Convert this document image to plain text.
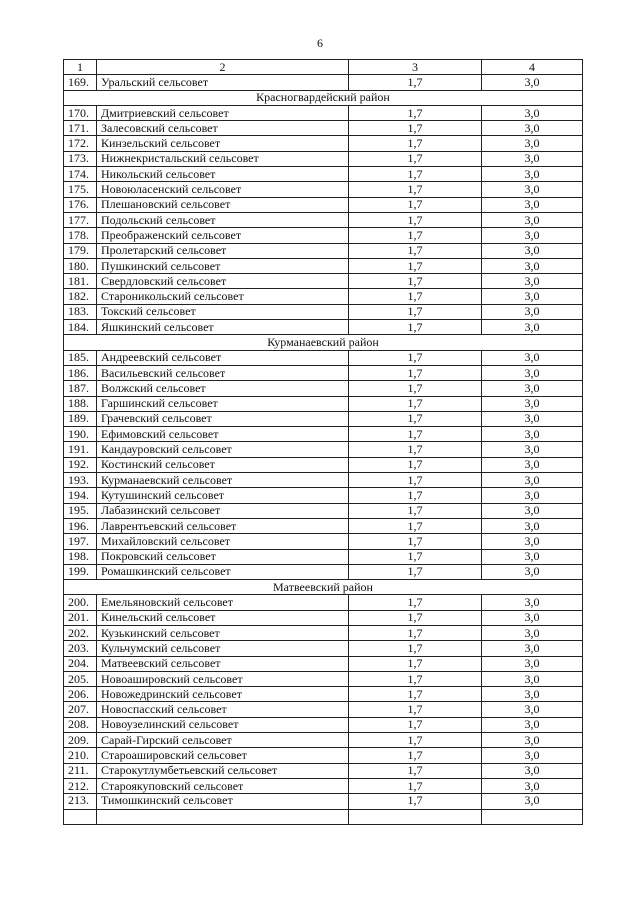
6
1	2	3	4
169.	Уральский сельсовет	1,7	3,0
Красногвардейский район			
170.	Дмитриевский сельсовет	1,7	3,0
171.	Залесовский сельсовет	1,7	3,0
172.	Кинзельский сельсовет	1,7	3,0
173.	Нижнекристальский сельсовет	1,7	3,0
174.	Никольский сельсовет	1,7	3,0
175.	Новоюласенский сельсовет	1,7	3,0
176.	Плешановский сельсовет	1,7	3,0
177.	Подольский сельсовет	1,7	3,0
178.	Преображенский сельсовет	1,7	3,0
179.	Пролетарский сельсовет	1,7	3,0
180.	Пушкинский сельсовет	1,7	3,0
181.	Свердловский сельсовет	1,7	3,0
182.	Староникольский сельсовет	1,7	3,0
183.	Токский сельсовет	1,7	3,0
184.	Яшкинский сельсовет	1,7	3,0
Курманаевский район			
185.	Андреевский сельсовет	1,7	3,0
186.	Васильевский сельсовет	1,7	3,0
187.	Волжский сельсовет	1,7	3,0
188.	Гаршинский сельсовет	1,7	3,0
189.	Грачевский сельсовет	1,7	3,0
190.	Ефимовский сельсовет	1,7	3,0
191.	Кандауровский сельсовет	1,7	3,0
192.	Костинский сельсовет	1,7	3,0
193.	Курманаевский сельсовет	1,7	3,0
194.	Кутушинский сельсовет	1,7	3,0
195.	Лабазинский сельсовет	1,7	3,0
196.	Лаврентьевский сельсовет	1,7	3,0
197.	Михайловский сельсовет	1,7	3,0
198.	Покровский сельсовет	1,7	3,0
199.	Ромашкинский сельсовет	1,7	3,0
Матвеевский район			
200.	Емельяновский сельсовет	1,7	3,0
201.	Кинельский сельсовет	1,7	3,0
202.	Кузькинский сельсовет	1,7	3,0
203.	Кульчумский сельсовет	1,7	3,0
204.	Матвеевский сельсовет	1,7	3,0
205.	Новоашировский сельсовет	1,7	3,0
206.	Новожедринский сельсовет	1,7	3,0
207.	Новоспасский сельсовет	1,7	3,0
208.	Новоузелинский сельсовет	1,7	3,0
209.	Сарай-Гирский сельсовет	1,7	3,0
210.	Староашировский сельсовет	1,7	3,0
211.	Старокутлумбетьевский сельсовет	1,7	3,0
212.	Староякуповский сельсовет	1,7	3,0
213.	Тимошкинский сельсовет	1,7	3,0
